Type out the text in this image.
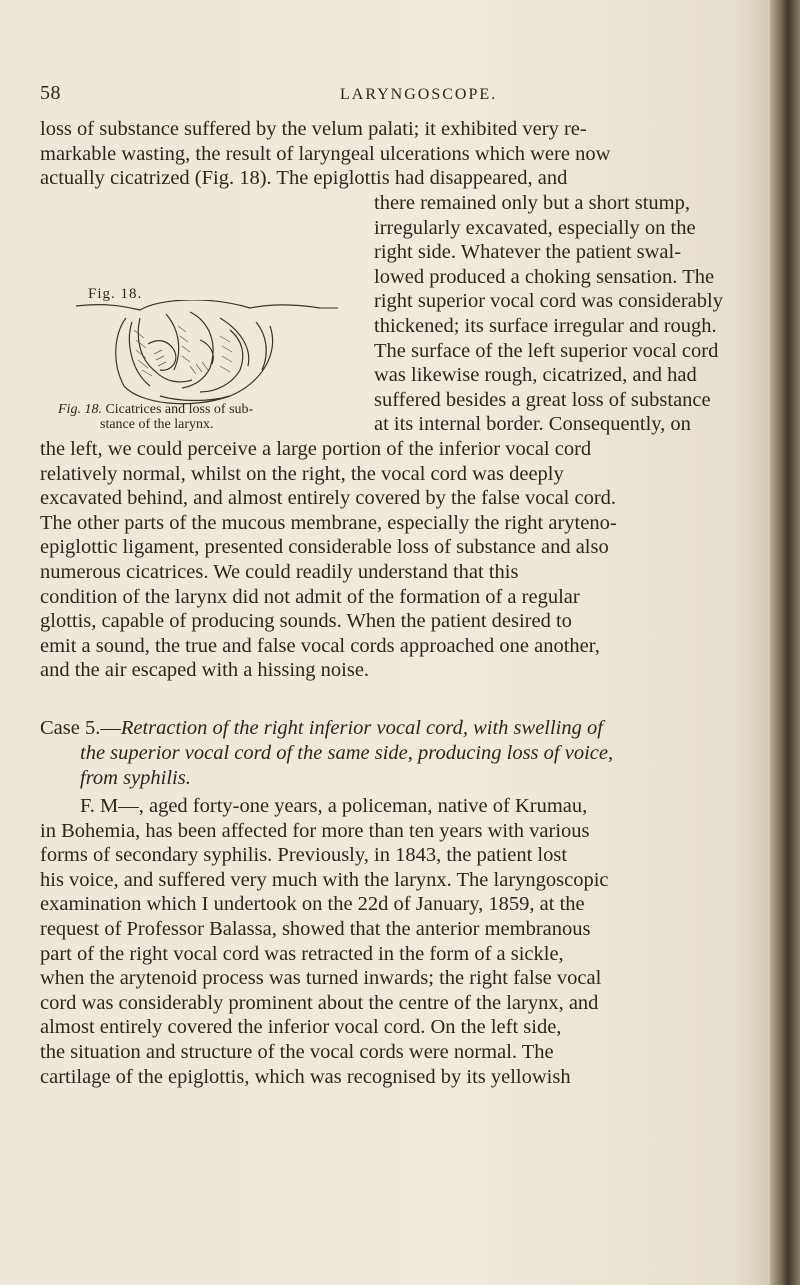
58	LARYNGOSCOPE.
loss of substance suffered by the velum palati; it exhibited very re-
markable wasting, the result of laryngeal ulcerations which were now
actually cicatrized (Fig. 18). The epiglottis had disappeared, and
there remained only but a short stump,
irregularly excavated, especially on the
right side. Whatever the patient swal-
lowed produced a choking sensation. The
right superior vocal cord was considerably
thickened; its surface irregular and rough.
The surface of the left superior vocal cord
was likewise rough, cicatrized, and had
suffered besides a great loss of substance
at its internal border. Consequently, on
Fig. 18.
Fig. 18. Cicatrices and loss of sub-
stance of the larynx.
the left, we could perceive a large portion of the inferior vocal cord
relatively normal, whilst on the right, the vocal cord was deeply
excavated behind, and almost entirely covered by the false vocal cord.
The other parts of the mucous membrane, especially the right aryteno-
epiglottic ligament, presented considerable loss of substance and also
numerous cicatrices. We could readily understand that this
condition of the larynx did not admit of the formation of a regular
glottis, capable of producing sounds. When the patient desired to
emit a sound, the true and false vocal cords approached one another,
and the air escaped with a hissing noise.
Case 5.—Retraction of the right inferior vocal cord, with swelling of
the superior vocal cord of the same side, producing loss of voice,
from syphilis.
F. M—, aged forty-one years, a policeman, native of Krumau,
in Bohemia, has been affected for more than ten years with various
forms of secondary syphilis. Previously, in 1843, the patient lost
his voice, and suffered very much with the larynx. The laryngoscopic
examination which I undertook on the 22d of January, 1859, at the
request of Professor Balassa, showed that the anterior membranous
part of the right vocal cord was retracted in the form of a sickle,
when the arytenoid process was turned inwards; the right false vocal
cord was considerably prominent about the centre of the larynx, and
almost entirely covered the inferior vocal cord. On the left side,
the situation and structure of the vocal cords were normal. The
cartilage of the epiglottis, which was recognised by its yellowish
